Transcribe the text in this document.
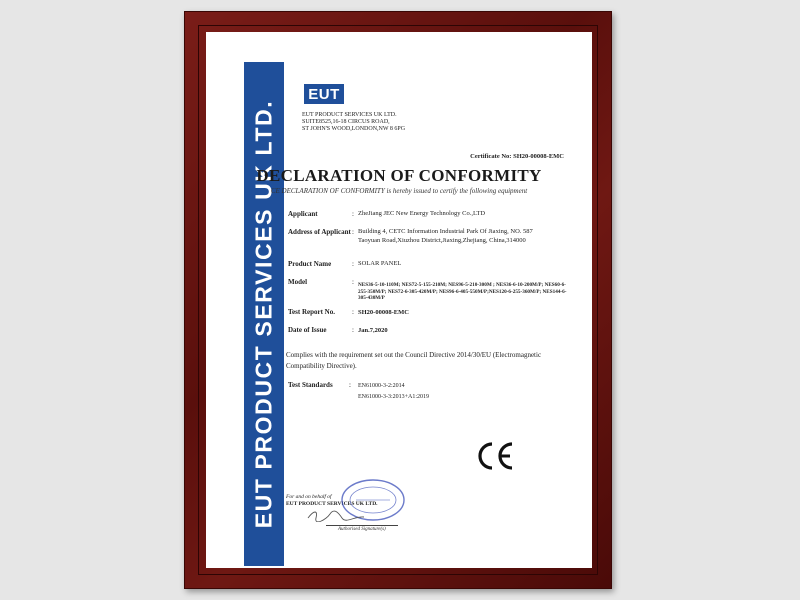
EUT PRODUCT SERVICES UK LTD.
EUT
EUT PRODUCT SERVICES UK LTD.
SUITE8525,16-18 CIRCUS ROAD,
ST JOHN'S WOOD,LONDON,NW 8 6PG
Certificate No: SH20-00008-EMC
DECLARATION OF CONFORMITY
CE DECLARATION OF CONFORMITY is hereby issued to certify the following equipment
Applicant	: ZheJiang JEC New Energy Technology Co.,LTD
Address of Applicant : Building 4, CETC Information Industrial Park Of Jiaxing, NO. 587 Taoyuan Road,Xiuzhou District,Jiaxing,Zhejiang, China,314000
Product Name	: SOLAR PANEL
Model	: NES36-5-10-110M; NES72-5-155-210M; NES96-5-210-300M ; NES36-6-10-200M/P; NES60-6-255-350M/P; NES72-6-305-420M/P; NES96-6-405-550M/P;NES120-6-255-360M/P; NES144-6-305-430M/P
Test Report No. : SH20-00008-EMC
Date of Issue	: Jan.7,2020
Complies with the requirement set out the Council Directive 2014/30/EU (Electromagnetic Compatibility Directive).
Test Standards : EN61000-3-2:2014
EN61000-3-3:2013+A1:2019
For and on behalf of
EUT PRODUCT SERVICES UK LTD.
Authorised Signature(s)
